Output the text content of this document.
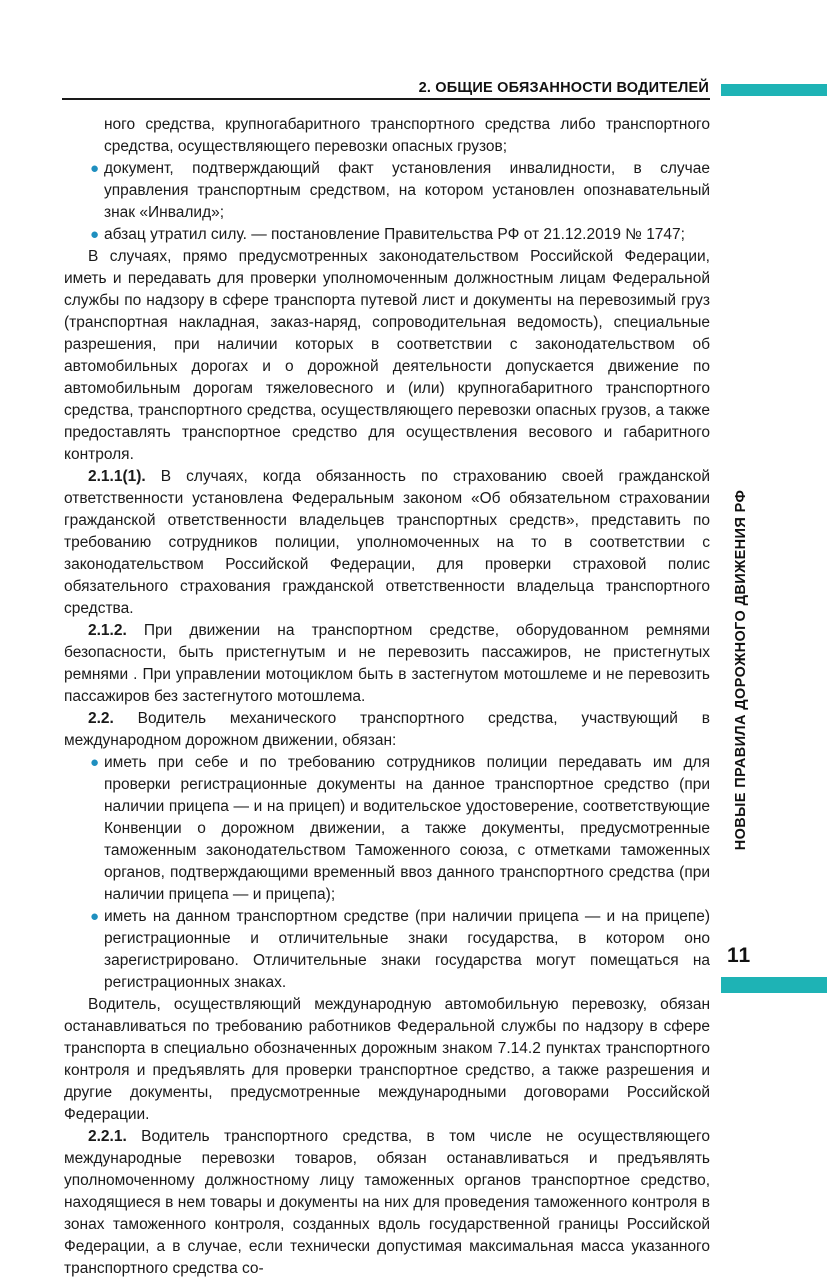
2. ОБЩИЕ ОБЯЗАННОСТИ ВОДИТЕЛЕЙ
НОВЫЕ ПРАВИЛА ДОРОЖНОГО ДВИЖЕНИЯ РФ
11
ного средства, крупногабаритного транспортного средства либо транспортного средства, осуществляющего перевозки опасных грузов;
● документ, подтверждающий факт установления инвалидности, в случае управления транспортным средством, на котором установлен опознавательный знак «Инвалид»;
● абзац утратил силу. — постановление Правительства РФ от 21.12.2019 № 1747;

В случаях, прямо предусмотренных законодательством Российской Федерации, иметь и передавать для проверки уполномоченным должностным лицам Федеральной службы по надзору в сфере транспорта путевой лист и документы на перевозимый груз (транспортная накладная, заказ-наряд, сопроводительная ведомость), специальные разрешения, при наличии которых в соответствии с законодательством об автомобильных дорогах и о дорожной деятельности допускается движение по автомобильным дорогам тяжеловесного и (или) крупногабаритного транспортного средства, транспортного средства, осуществляющего перевозки опасных грузов, а также предоставлять транспортное средство для осуществления весового и габаритного контроля.

2.1.1(1). В случаях, когда обязанность по страхованию своей гражданской ответственности установлена Федеральным законом «Об обязательном страховании гражданской ответственности владельцев транспортных средств», представить по требованию сотрудников полиции, уполномоченных на то в соответствии с законодательством Российской Федерации, для проверки страховой полис обязательного страхования гражданской ответственности владельца транспортного средства.

2.1.2. При движении на транспортном средстве, оборудованном ремнями безопасности, быть пристегнутым и не перевозить пассажиров, не пристегнутых ремнями . При управлении мотоциклом быть в застегнутом мотошлеме и не перевозить пассажиров без застегнутого мотошлема.

2.2. Водитель механического транспортного средства, участвующий в международном дорожном движении, обязан:

● иметь при себе и по требованию сотрудников полиции передавать им для проверки регистрационные документы на данное транспортное средство (при наличии прицепа — и на прицеп) и водительское удостоверение, соответствующие Конвенции о дорожном движении, а также документы, предусмотренные таможенным законодательством Таможенного союза, с отметками таможенных органов, подтверждающими временный ввоз данного транспортного средства (при наличии прицепа — и прицепа);
● иметь на данном транспортном средстве (при наличии прицепа — и на прицепе) регистрационные и отличительные знаки государства, в котором оно зарегистрировано. Отличительные знаки государства могут помещаться на регистрационных знаках.

Водитель, осуществляющий международную автомобильную перевозку, обязан останавливаться по требованию работников Федеральной службы по надзору в сфере транспорта в специально обозначенных дорожным знаком 7.14.2 пунктах транспортного контроля и предъявлять для проверки транспортное средство, а также разрешения и другие документы, предусмотренные международными договорами Российской Федерации.

2.2.1. Водитель транспортного средства, в том числе не осуществляющего международные перевозки товаров, обязан останавливаться и предъявлять уполномоченному должностному лицу таможенных органов транспортное средство, находящиеся в нем товары и документы на них для проведения таможенного контроля в зонах таможенного контроля, созданных вдоль государственной границы Российской Федерации, а в случае, если технически допустимая максимальная масса указанного транспортного средства со-
